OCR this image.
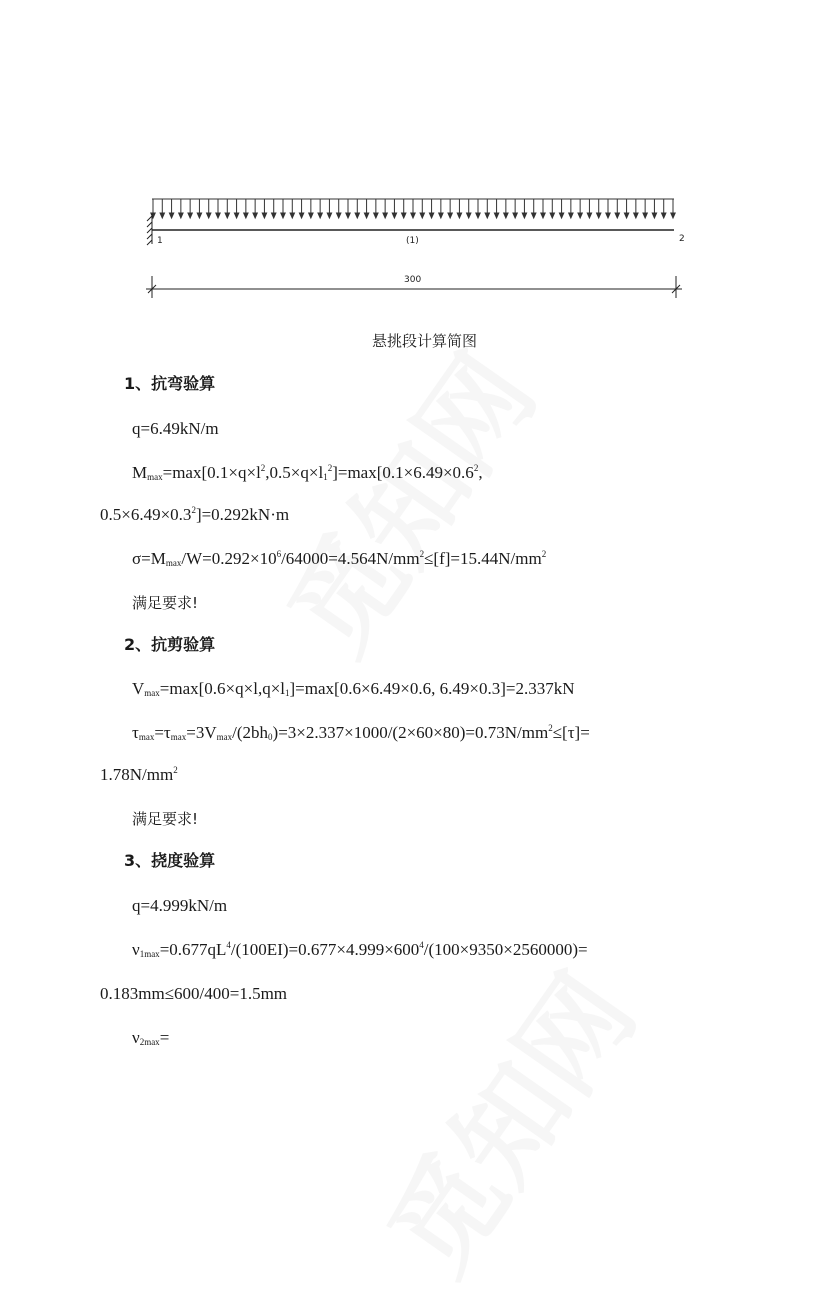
1	2
(1)
300
悬挑段计算简图
1、抗弯验算
q=6.49kN/m
$M_{max}=\max[0.1\times q\times l^2,0.5\times q\times l_1^2]=\max[0.1\times 6.49\times 0.6^2$,
$0.5\times 6.49\times 0.3^2]=0.292kN\cdot m$
$\sigma=M_{max}/W=0.292\times 10^6/64000=4.564N/mm^2\le[f]=15.44N/mm^2$
满足要求!
2、抗剪验算
$V_{max}=\max[0.6\times q\times l,q\times l_1]=\max[0.6\times 6.49\times 0.6$, 6.49×0.3]=2.337kN
$\tau_{max}=\tau_{max}=3V_{max}/(2bh_0)=3\times 2.337\times 1000/(2\times 60\times 80)=0.73N/mm^2\le[\tau]=$
$1.78N/mm^2$
满足要求!
3、挠度验算
q=4.999kN/m
$\nu_{1max}=0.677qL^4/(100EI)=0.677\times 4.999\times 600^4/(100\times 9350\times 2560000)=$
0.183mm≤600/400=1.5mm
$\nu_{2max}=$
